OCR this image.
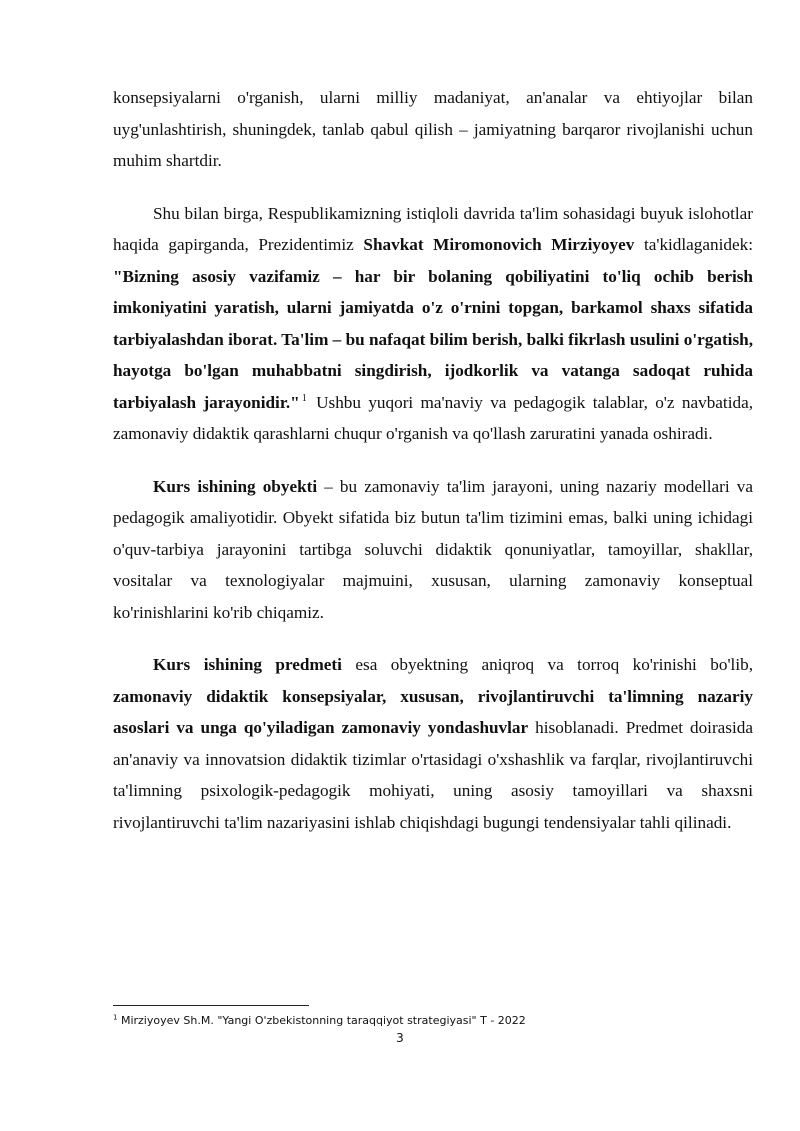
konsepsiyalarni o'rganish, ularni milliy madaniyat, an'analar va ehtiyojlar bilan uyg'unlashtirish, shuningdek, tanlab qabul qilish – jamiyatning barqaror rivojlanishi uchun muhim shartdir.

Shu bilan birga, Respublikamizning istiqloli davrida ta'lim sohasidagi buyuk islohotlar haqida gapirganda, Prezidentimiz Shavkat Miromonovich Mirziyoyev ta'kidlaganidek: "Bizning asosiy vazifamiz – har bir bolaning qobiliyatini to'liq ochib berish imkoniyatini yaratish, ularni jamiyatda o'z o'rnini topgan, barkamol shaxs sifatida tarbiyalashdan iborat. Ta'lim – bu nafaqat bilim berish, balki fikrlash usulini o'rgatish, hayotga bo'lgan muhabbatni singdirish, ijodkorlik va vatanga sadoqat ruhida tarbiyalash jarayonidir." $^1$ Ushbu yuqori ma'naviy va pedagogik talablar, o'z navbatida, zamonaviy didaktik qarashlarni chuqur o'rganish va qo'llash zaruratini yanada oshiradi.

Kurs ishining obyekti – bu zamonaviy ta'lim jarayoni, uning nazariy modellari va pedagogik amaliyotidir. Obyekt sifatida biz butun ta'lim tizimini emas, balki uning ichidagi o'quv-tarbiya jarayonini tartibga soluvchi didaktik qonuniyatlar, tamoyillar, shakllar, vositalar va texnologiyalar majmuini, xususan, ularning zamonaviy konseptual ko'rinishlarini ko'rib chiqamiz.

Kurs ishining predmeti esa obyektning aniqroq va torroq ko'rinishi bo'lib, zamonaviy didaktik konsepsiyalar, xususan, rivojlantiruvchi ta'limning nazariy asoslari va unga qo'yiladigan zamonaviy yondashuvlar hisoblanadi. Predmet doirasida an'anaviy va innovatsion didaktik tizimlar o'rtasidagi o'xshashlik va farqlar, rivojlantiruvchi ta'limning psixologik-pedagogik mohiyati, uning asosiy tamoyillari va shaxsni rivojlantiruvchi ta'lim nazariyasini ishlab chiqishdagi bugungi tendensiyalar tahli qilinadi.

$^1$ Mirziyoyev Sh.M. "Yangi O'zbekistonning taraqqiyot strategiyasi" T - 2022
3
